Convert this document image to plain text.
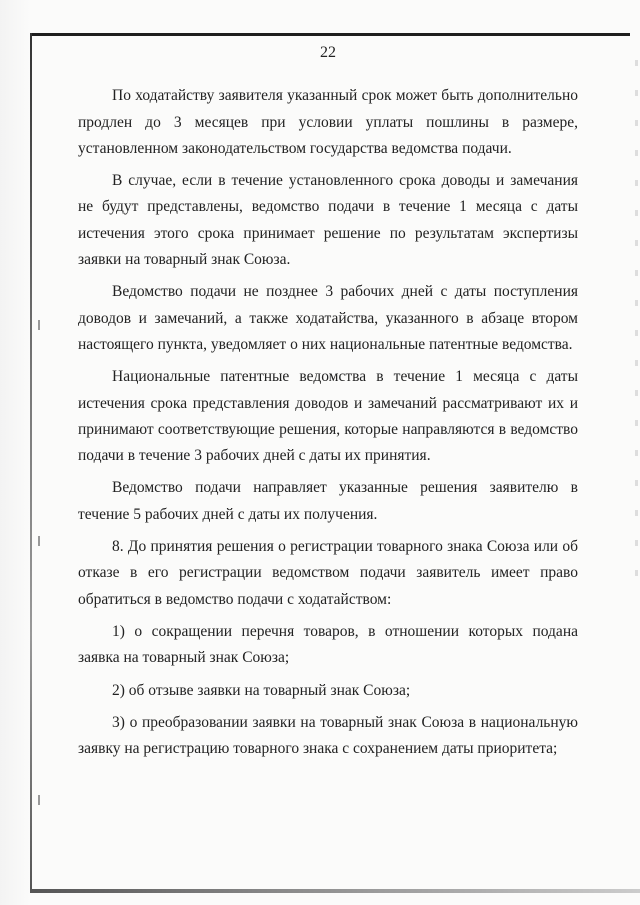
22

По ходатайству заявителя указанный срок может быть дополнительно продлен до 3 месяцев при условии уплаты пошлины в размере, установленном законодательством государства ведомства подачи.

В случае, если в течение установленного срока доводы и замечания не будут представлены, ведомство подачи в течение 1 месяца с даты истечения этого срока принимает решение по результатам экспертизы заявки на товарный знак Союза.

Ведомство подачи не позднее 3 рабочих дней с даты поступления доводов и замечаний, а также ходатайства, указанного в абзаце втором настоящего пункта, уведомляет о них национальные патентные ведомства.

Национальные патентные ведомства в течение 1 месяца с даты истечения срока представления доводов и замечаний рассматривают их и принимают соответствующие решения, которые направляются в ведомство подачи в течение 3 рабочих дней с даты их принятия.

Ведомство подачи направляет указанные решения заявителю в течение 5 рабочих дней с даты их получения.

8. До принятия решения о регистрации товарного знака Союза или об отказе в его регистрации ведомством подачи заявитель имеет право обратиться в ведомство подачи с ходатайством:

1) о сокращении перечня товаров, в отношении которых подана заявка на товарный знак Союза;

2) об отзыве заявки на товарный знак Союза;

3) о преобразовании заявки на товарный знак Союза в национальную заявку на регистрацию товарного знака с сохранением даты приоритета;
